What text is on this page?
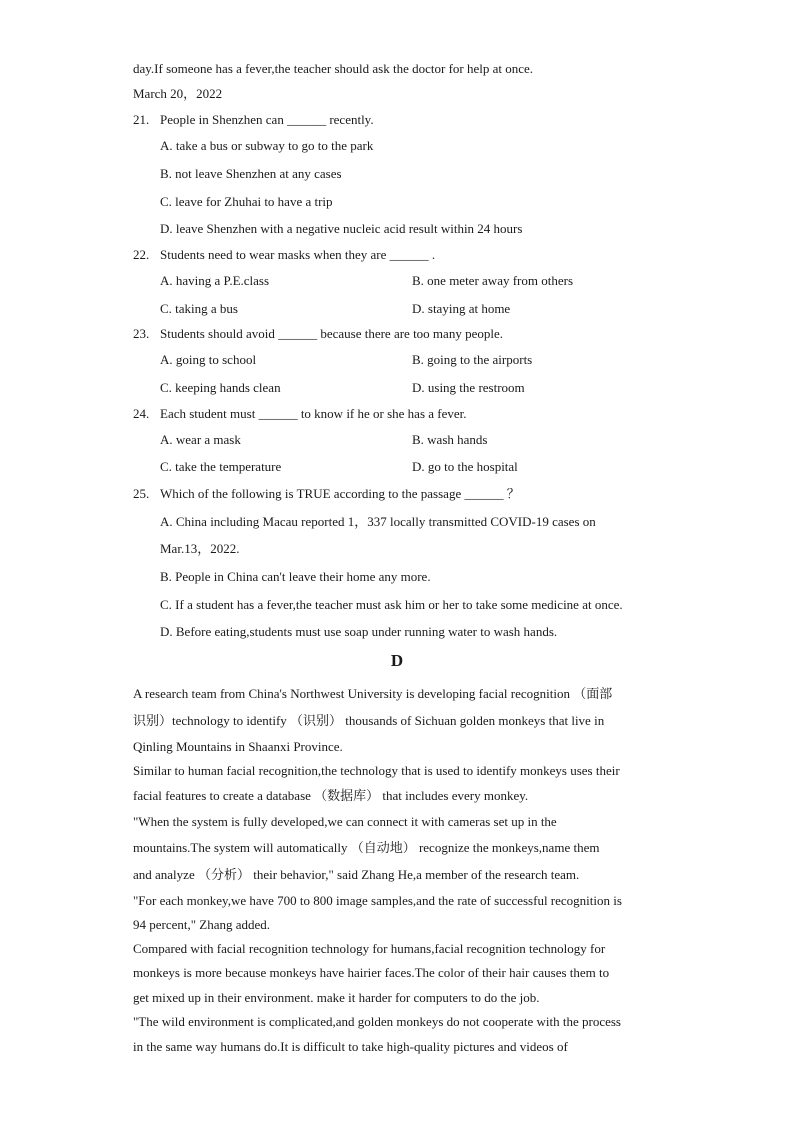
day.If someone has a fever,the teacher should ask the doctor for help at once.
March 20，2022
21. People in Shenzhen can ______ recently.
A. take a bus or subway to go to the park
B. not leave Shenzhen at any cases
C. leave for Zhuhai to have a trip
D. leave Shenzhen with a negative nucleic acid result within 24 hours
22. Students need to wear masks when they are ______ .
A. having a P.E.class	B. one meter away from others
C. taking a bus	D. staying at home
23. Students should avoid ______ because there are too many people.
A. going to school	B. going to the airports
C. keeping hands clean	D. using the restroom
24. Each student must ______ to know if he or she has a fever.
A. wear a mask	B. wash hands
C. take the temperature	D. go to the hospital
25. Which of the following is TRUE according to the passage ______ ？
A. China including Macau reported 1，337 locally transmitted COVID-19 cases on
Mar.13，2022.
B. People in China can't leave their home any more.
C. If a student has a fever,the teacher must ask him or her to take some medicine at once.
D. Before eating,students must use soap under running water to wash hands.
D
A research team from China's Northwest University is developing facial recognition （面部
识别）technology to identify （识别） thousands of Sichuan golden monkeys that live in
Qinling Mountains in Shaanxi Province.
Similar to human facial recognition,the technology that is used to identify monkeys uses their
facial features to create a database （数据库） that includes every monkey.
"When the system is fully developed,we can connect it with cameras set up in the
mountains.The system will automatically （自动地） recognize the monkeys,name them
and analyze （分析） their behavior," said Zhang He,a member of the research team.
"For each monkey,we have 700 to 800 image samples,and the rate of successful recognition is
94 percent," Zhang added.
Compared with facial recognition technology for humans,facial recognition technology for
monkeys is more because monkeys have hairier faces.The color of their hair causes them to
get mixed up in their environment. make it harder for computers to do the job.
"The wild environment is complicated,and golden monkeys do not cooperate with the process
in the same way humans do.It is difficult to take high-quality pictures and videos of
